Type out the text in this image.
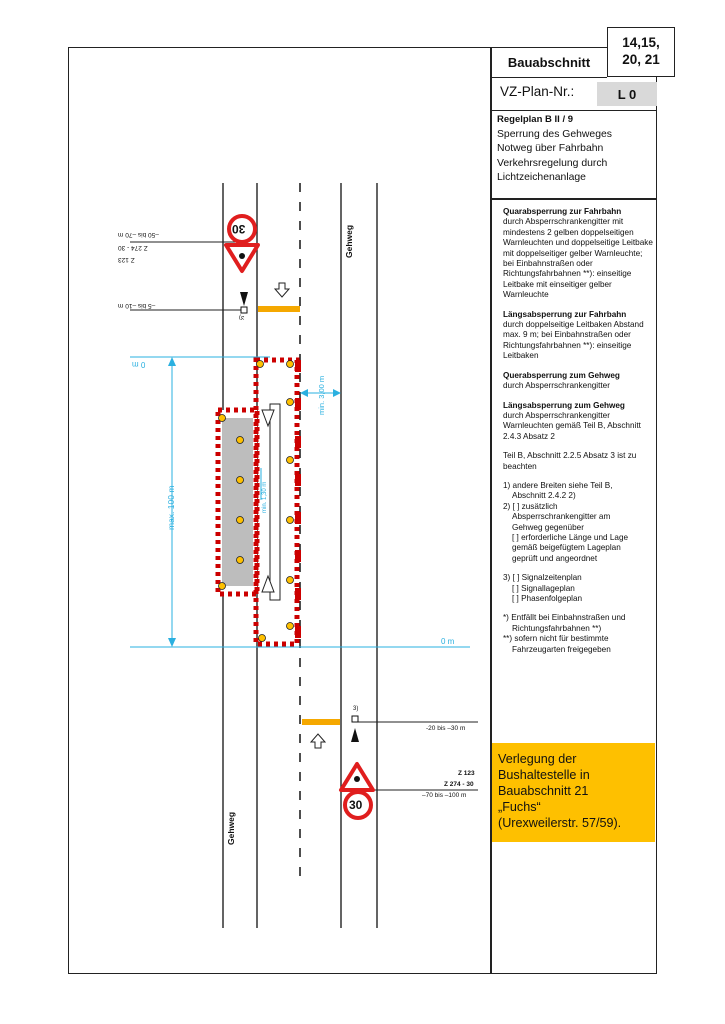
Bauabschnitt
14,15,
20, 21
VZ-Plan-Nr.:	L 0
Regelplan B II / 9
Sperrung des Gehweges
Notweg über Fahrbahn
Verkehrsregelung durch
Lichtzeichenanlage

Quarabsperrung zur Fahrbahn
durch Absperrschrankengitter mit mindestens 2 gelben doppelseitigen Warnleuchten und doppelseitige Leitbake mit doppelseitiger gelber Warnleuchte; bei Einbahnstraßen oder Richtungsfahrbahnen **): einseitige Leitbake mit einseitiger gelber Warnleuchte

Längsabsperrung zur Fahrbahn
durch doppelseitige Leitbaken Abstand max. 9 m; bei Einbahnstraßen oder Richtungsfahrbahnen **): einseitige Leitbaken

Querabsperrung zum Gehweg
durch Absperrschrankengitter

Längsabsperrung zum Gehweg
durch Absperrschrankengitter Warnleuchten gemäß Teil B, Abschnitt 2.4.3 Absatz 2

Teil B, Abschnitt 2.2.5 Absatz 3 ist zu beachten

1) andere Breiten siehe Teil B,

Abschnitt 2.4.2 2)
2) [ ] zusätzlich
Absperrschrankengitter am
Gehweg gegenüber
[ ] erforderliche Länge und Lage
gemäß beigefügtem Lageplan
geprüft und angeordnet

3) [ ] Signalzeitenplan
[ ] Signallageplan
[ ] Phasenfolgeplan

*) Entfällt bei Einbahnstraßen und
Richtungsfahrbahnen **)
**) sofern nicht für bestimmte
Fahrzeugarten freigegeben

Verlegung der
Bushaltestelle in
Bauabschnitt 21
„Fuchs“
(Urexweilerstr. 57/59).
Gehweg
Gehweg
30
30
–50 bis –70 m
Z 274 - 30
Z 123
–5 bis –10 m
3)
0 m
max. 100 m
min. 3,00 m
min. 1,30 m
0 m
3)
-20 bis –30 m
Z 123
Z 274 - 30
–70 bis –100 m
